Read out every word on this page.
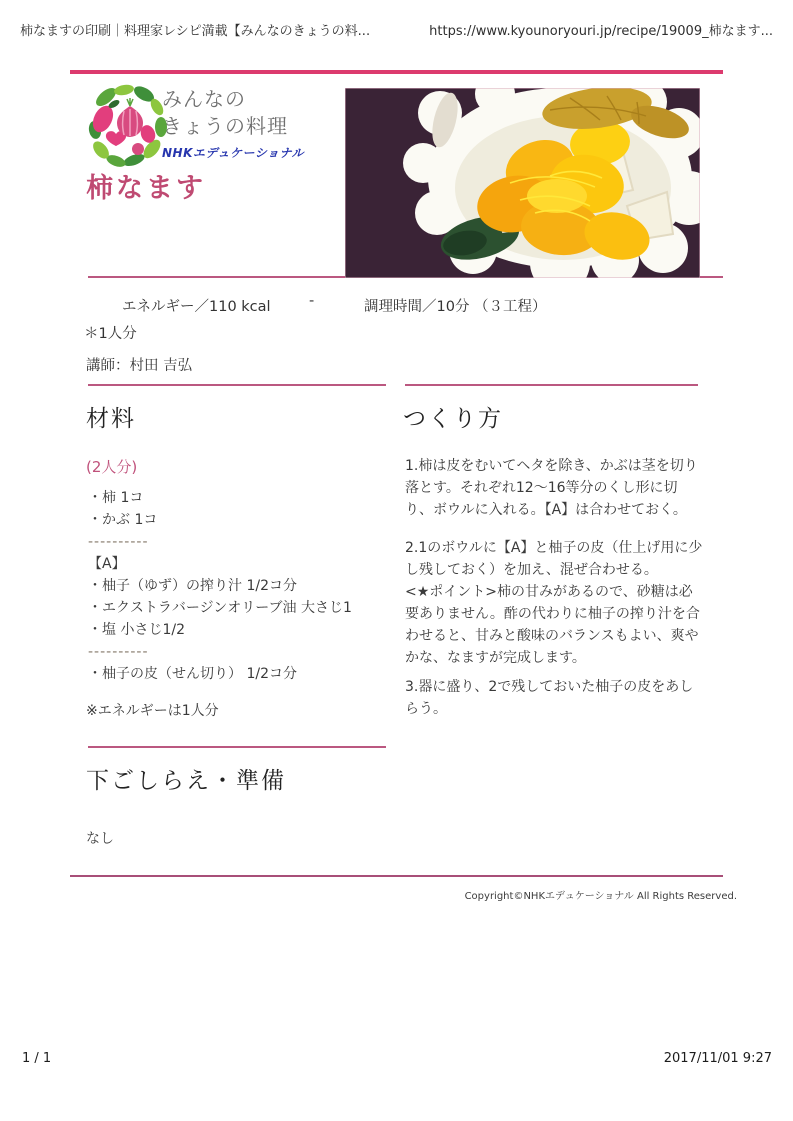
柿なますの印刷｜料理家レシピ満載【みんなのきょうの料...	https://www.kyounoryouri.jp/recipe/19009_柿なます...
みんなの
きょうの料理
NHKエデュケーショナル
柿なます
エネルギー／110 kcal	-	調理時間／10分 （３工程）
＊1人分
講師：村田 吉弘
材料
(2人分)
・柿 1コ
・かぶ 1コ
----------
【A】
・柚子（ゆず）の搾り汁 1/2コ分
・エクストラバージンオリーブ油 大さじ1
・塩 小さじ1/2
----------
・柚子の皮（せん切り） 1/2コ分
※エネルギーは1人分
下ごしらえ・準備
なし
つくり方
1.柿は皮をむいてヘタを除き、かぶは茎を切り落とす。それぞれ12～16等分のくし形に切り、ボウルに入れる。【A】は合わせておく。
2.1のボウルに【A】と柚子の皮（仕上げ用に少し残しておく）を加え、混ぜ合わせる。
<★ポイント>柿の甘みがあるので、砂糖は必要ありません。酢の代わりに柚子の搾り汁を合わせると、甘みと酸味のバランスもよい、爽やかな、なますが完成します。
3.器に盛り、2で残しておいた柚子の皮をあしらう。
Copyright©NHKエデュケーショナル All Rights Reserved.
1 / 1	2017/11/01 9:27
